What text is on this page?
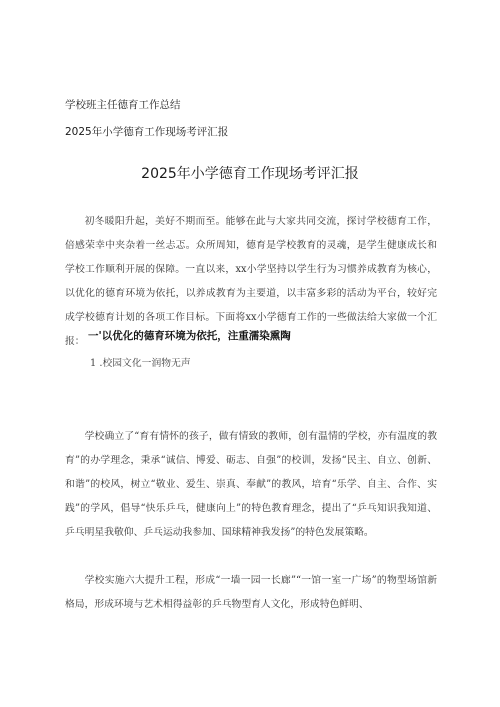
学校班主任德育工作总结
2025年小学德育工作现场考评汇报
2025年小学德育工作现场考评汇报

初冬暖阳升起，美好不期而至。能够在此与大家共同交流，探讨学校德育工作，倍感荣幸中夹杂着一丝忐忑。众所周知，德育是学校教育的灵魂，是学生健康成长和学校工作顺利开展的保障。一直以来，xx小学坚持以学生行为习惯养成教育为核心，以优化的德育环境为依托，以养成教育为主要道，以丰富多彩的活动为平台，较好完成学校德育计划的各项工作目标。下面将xx小学德育工作的一些做法给大家做一个汇报： 一'以优化的德育环境为依托，注重濡染熏陶
1 .校园文化一润物无声

学校确立了“育有情怀的孩子，做有情致的教师，创有温情的学校，亦有温度的教育”的办学理念，秉承“诚信、博爱、砺志、自强”的校训，发扬“民主、自立、创新、和谐”的校风，树立“敬业、爱生、崇真、奉献”的教风，培育“乐学、自主、合作、实践”的学风，倡导“快乐乒乓，健康向上”的特色教育理念，提出了“乒乓知识我知道、乒乓明星我敬仰、乒乓运动我参加、国球精神我发扬”的特色发展策略。

学校实施六大提升工程，形成“一墙一园一长廊”“一馆一室一广场”的物型场馆新格局，形成环境与艺术相得益彰的乒乓物型育人文化，形成特色鲜明、
